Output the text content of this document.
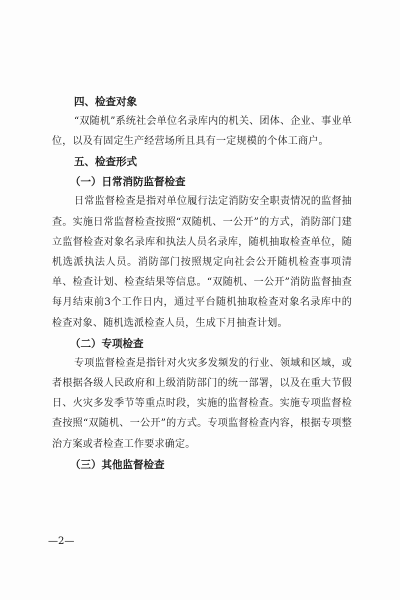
四、检查对象

“双随机”系统社会单位名录库内的机关、团体、企业、事业单位，以及有固定生产经营场所且具有一定规模的个体工商户。

五、检查形式

（一）日常消防监督检查

日常监督检查是指对单位履行法定消防安全职责情况的监督抽查。实施日常监督检查按照“双随机、一公开”的方式，消防部门建立监督检查对象名录库和执法人员名录库，随机抽取检查单位，随机选派执法人员。消防部门按照规定向社会公开随机检查事项清单、检查计划、检查结果等信息。“双随机、一公开”消防监督抽查每月结束前3个工作日内，通过平台随机抽取检查对象名录库中的检查对象、随机选派检查人员，生成下月抽查计划。

（二）专项检查

专项监督检查是指针对火灾多发频发的行业、领域和区域，或者根据各级人民政府和上级消防部门的统一部署，以及在重大节假日、火灾多发季节等重点时段，实施的监督检查。实施专项监督检查按照“双随机、一公开”的方式。专项监督检查内容，根据专项整治方案或者检查工作要求确定。

（三）其他监督检查

—2—
